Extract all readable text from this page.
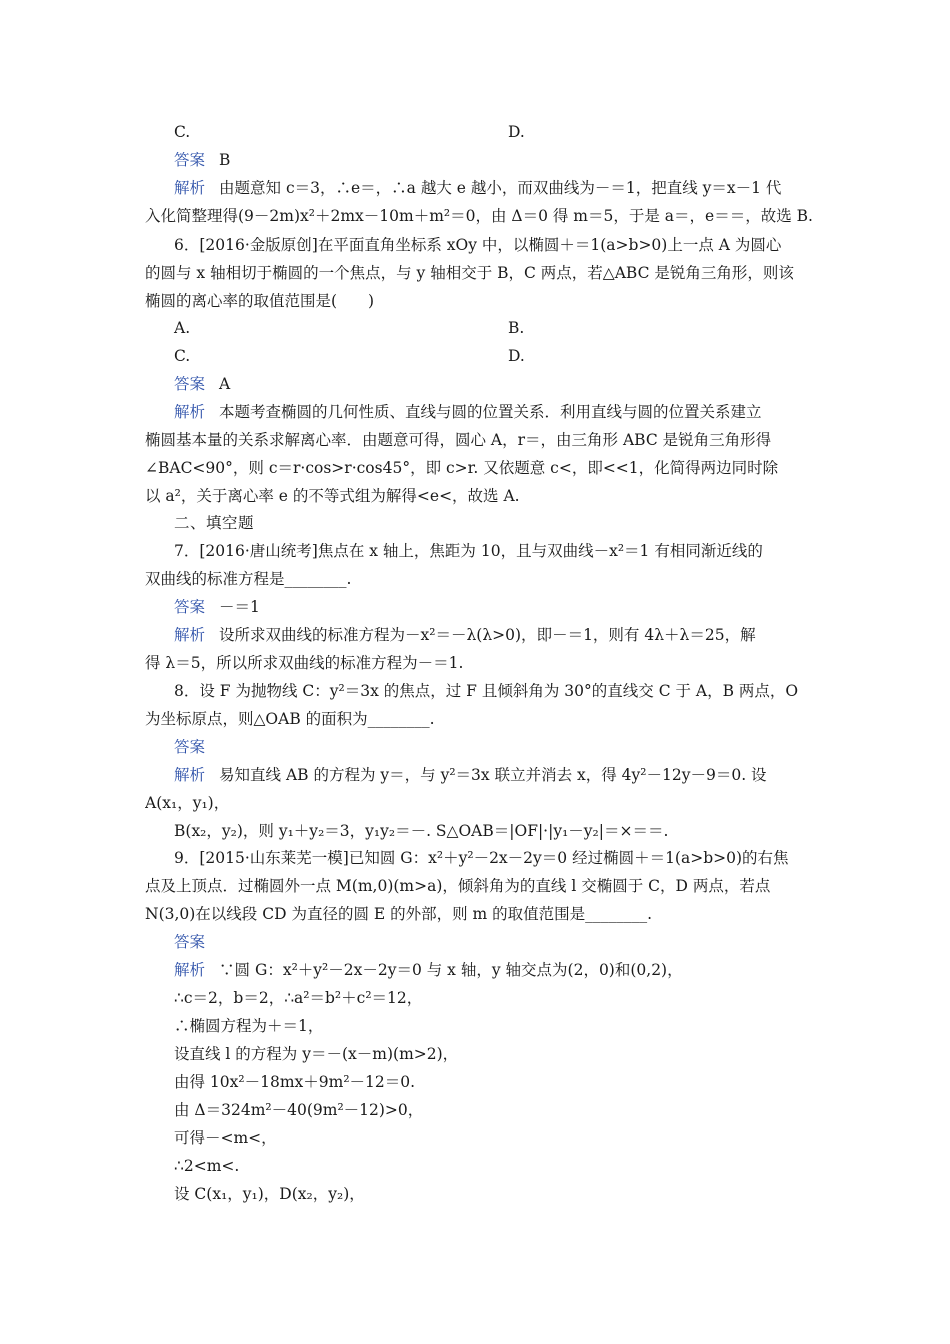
C.	D.
答案 B
解析 由题意知 c＝3，∴e＝，∴a 越大 e 越小，而双曲线为－＝1，把直线 y＝x－1 代
入化简整理得(9－2m)x²＋2mx－10m＋m²＝0，由 Δ＝0 得 m＝5，于是 a＝，e＝＝，故选 B.
6．[2016·金版原创]在平面直角坐标系 xOy 中，以椭圆＋＝1(a>b>0)上一点 A 为圆心
的圆与 x 轴相切于椭圆的一个焦点，与 y 轴相交于 B，C 两点，若△ABC 是锐角三角形，则该
椭圆的离心率的取值范围是(　　)
A.	B.
C.	D.
答案 A
解析 本题考查椭圆的几何性质、直线与圆的位置关系．利用直线与圆的位置关系建立
椭圆基本量的关系求解离心率．由题意可得，圆心 A，r＝，由三角形 ABC 是锐角三角形得
∠BAC<90°，则 c＝r·cos>r·cos45°，即 c>r. 又依题意 c<，即<<1，化简得两边同时除
以 a²，关于离心率 e 的不等式组为解得<e<，故选 A.
二、填空题
7．[2016·唐山统考]焦点在 x 轴上，焦距为 10，且与双曲线－x²＝1 有相同渐近线的
双曲线的标准方程是________.
答案 －＝1
解析 设所求双曲线的标准方程为－x²＝－λ(λ>0)，即－＝1，则有 4λ＋λ＝25，解
得 λ＝5，所以所求双曲线的标准方程为－＝1.
8．设 F 为抛物线 C：y²＝3x 的焦点，过 F 且倾斜角为 30°的直线交 C 于 A，B 两点，O
为坐标原点，则△OAB 的面积为________.
答案
解析 易知直线 AB 的方程为 y＝，与 y²＝3x 联立并消去 x，得 4y²－12y－9＝0. 设
A(x₁，y₁)，
B(x₂，y₂)，则 y₁＋y₂＝3，y₁y₂＝－. S△OAB＝|OF|·|y₁－y₂|＝×＝＝.
9．[2015·山东莱芜一模]已知圆 G：x²＋y²－2x－2y＝0 经过椭圆＋＝1(a>b>0)的右焦
点及上顶点．过椭圆外一点 M(m,0)(m>a)，倾斜角为的直线 l 交椭圆于 C，D 两点，若点
N(3,0)在以线段 CD 为直径的圆 E 的外部，则 m 的取值范围是________.
答案
解析 ∵圆 G：x²＋y²－2x－2y＝0 与 x 轴，y 轴交点为(2，0)和(0,2)，
∴c＝2，b＝2，∴a²＝b²＋c²＝12，
∴椭圆方程为＋＝1，
设直线 l 的方程为 y＝－(x－m)(m>2)，
由得 10x²－18mx＋9m²－12＝0.
由 Δ＝324m²－40(9m²－12)>0，
可得－<m<，
∴2<m<.
设 C(x₁，y₁)，D(x₂，y₂)，
